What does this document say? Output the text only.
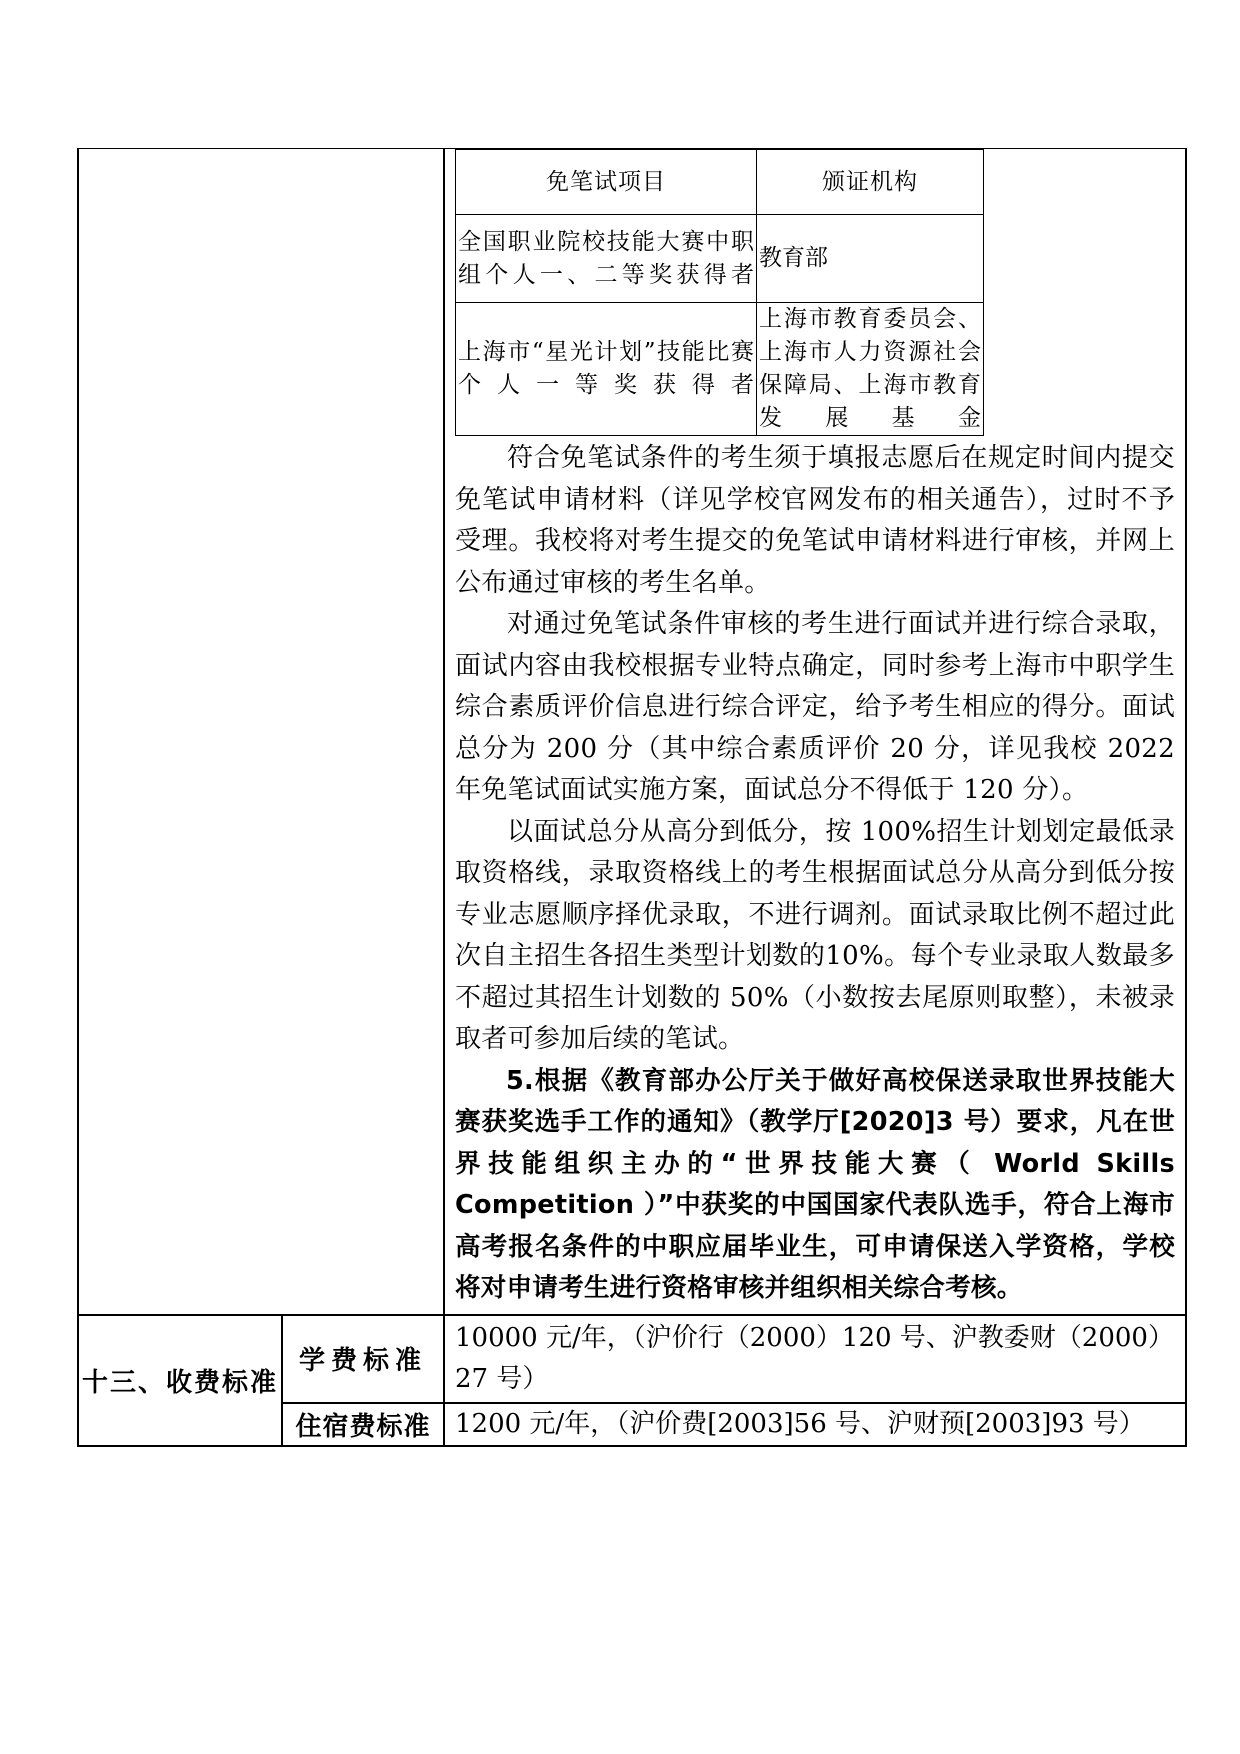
免笔试项目	颁证机构
全国职业院校技能大赛中职组个人一、二等奖获得者	教育部
上海市“星光计划”技能比赛个人一等奖获得者	上海市教育委员会、上海市人力资源社会保障局、上海市教育发展基金

符合免笔试条件的考生须于填报志愿后在规定时间内提交免笔试申请材料（详见学校官网发布的相关通告），过时不予受理。我校将对考生提交的免笔试申请材料进行审核，并网上公布通过审核的考生名单。

对通过免笔试条件审核的考生进行面试并进行综合录取，面试内容由我校根据专业特点确定，同时参考上海市中职学生综合素质评价信息进行综合评定，给予考生相应的得分。面试总分为 200 分（其中综合素质评价 20 分，详见我校 2022 年免笔试面试实施方案，面试总分不得低于 120 分）。

以面试总分从高分到低分，按 100%招生计划划定最低录取资格线，录取资格线上的考生根据面试总分从高分到低分按专业志愿顺序择优录取，不进行调剂。面试录取比例不超过此次自主招生各招生类型计划数的10%。每个专业录取人数最多不超过其招生计划数的 50%（小数按去尾原则取整），未被录取者可参加后续的笔试。

5.根据《教育部办公厅关于做好高校保送录取世界技能大赛获奖选手工作的通知》（教学厅[2020]3 号）要求，凡在世界技能组织主办的“世界技能大赛（ World Skills Competition ）”中获奖的中国国家代表队选手，符合上海市高考报名条件的中职应届毕业生，可申请保送入学资格，学校将对申请考生进行资格审核并组织相关综合考核。

十三、收费标准	学费标准	10000 元/年，（沪价行（2000）120 号、沪教委财（2000）27 号）
住宿费标准	1200 元/年，（沪价费[2003]56 号、沪财预[2003]93 号）
